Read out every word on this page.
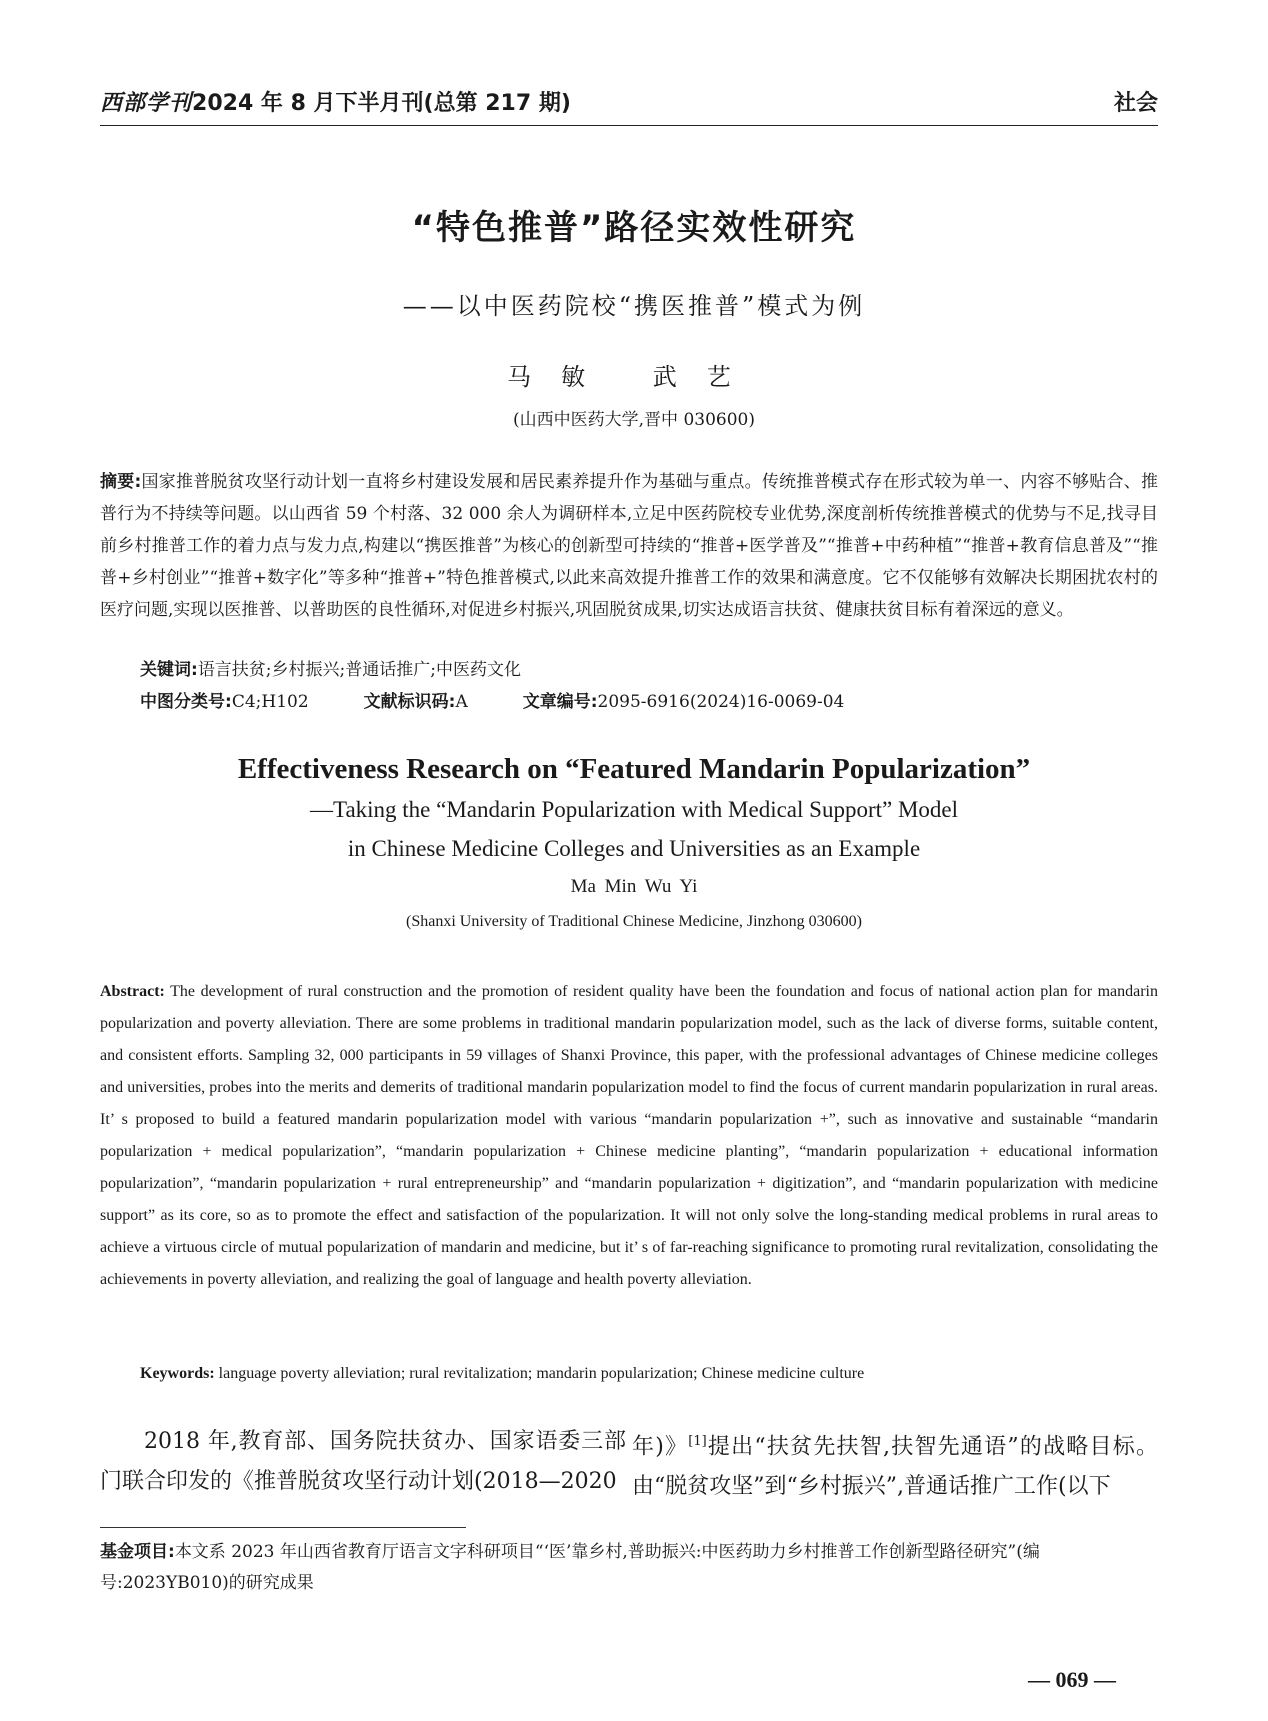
西部学刊2024 年 8 月下半月刊(总第 217 期)	社会
“特色推普”路径实效性研究
——以中医药院校“携医推普”模式为例
马敏 武艺
(山西中医药大学,晋中 030600)
摘要:国家推普脱贫攻坚行动计划一直将乡村建设发展和居民素养提升作为基础与重点。传统推普模式存在形式较为单一、内容不够贴合、推普行为不持续等问题。以山西省 59 个村落、32 000 余人为调研样本,立足中医药院校专业优势,深度剖析传统推普模式的优势与不足,找寻目前乡村推普工作的着力点与发力点,构建以“携医推普”为核心的创新型可持续的“推普+医学普及”“推普+中药种植”“推普+教育信息普及”“推普+乡村创业”“推普+数字化”等多种“推普+”特色推普模式,以此来高效提升推普工作的效果和满意度。它不仅能够有效解决长期困扰农村的医疗问题,实现以医推普、以普助医的良性循环,对促进乡村振兴,巩固脱贫成果,切实达成语言扶贫、健康扶贫目标有着深远的意义。
关键词:语言扶贫;乡村振兴;普通话推广;中医药文化
中图分类号:C4;H102	文献标识码:A	文章编号:2095-6916(2024)16-0069-04
Effectiveness Research on “Featured Mandarin Popularization”
—Taking the “Mandarin Popularization with Medical Support” Model
in Chinese Medicine Colleges and Universities as an Example
Ma Min Wu Yi
(Shanxi University of Traditional Chinese Medicine, Jinzhong 030600)
Abstract: The development of rural construction and the promotion of resident quality have been the foundation and focus of national action plan for mandarin popularization and poverty alleviation. There are some problems in traditional mandarin popularization model, such as the lack of diverse forms, suitable content, and consistent efforts. Sampling 32, 000 participants in 59 villages of Shanxi Province, this paper, with the professional advantages of Chinese medicine colleges and universities, probes into the merits and demerits of traditional mandarin popularization model to find the focus of current mandarin popularization in rural areas. It’ s proposed to build a featured mandarin popularization model with various “mandarin popularization +”, such as innovative and sustainable “mandarin popularization + medical popularization”, “mandarin popularization + Chinese medicine planting”, “mandarin popularization + educational information popularization”, “mandarin popularization + rural entrepreneurship” and “mandarin popularization + digitization”, and “mandarin popularization with medicine support” as its core, so as to promote the effect and satisfaction of the popularization. It will not only solve the long-standing medical problems in rural areas to achieve a virtuous circle of mutual popularization of mandarin and medicine, but it’ s of far-reaching significance to promoting rural revitalization, consolidating the achievements in poverty alleviation, and realizing the goal of language and health poverty alleviation.
Keywords: language poverty alleviation; rural revitalization; mandarin popularization; Chinese medicine culture
2018 年,教育部、国务院扶贫办、国家语委三部门联合印发的《推普脱贫攻坚行动计划(2018—2020
年)》[1]提出“扶贫先扶智,扶智先通语”的战略目标。由“脱贫攻坚”到“乡村振兴”,普通话推广工作(以下
基金项目:本文系 2023 年山西省教育厅语言文字科研项目“‘医’靠乡村,普助振兴:中医药助力乡村推普工作创新型路径研究”(编号:2023YB010)的研究成果
— 069 —
